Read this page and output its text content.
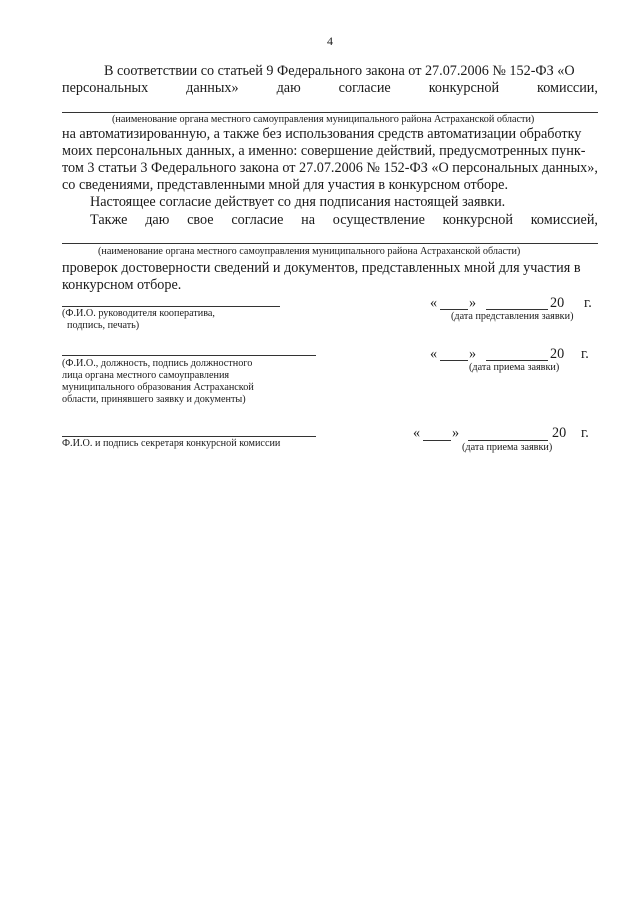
4
В соответствии со статьей 9 Федерального закона от 27.07.2006 № 152-ФЗ «О
персональных	данных»	даю	согласие	конкурсной	комиссии,
(наименование органа местного самоуправления муниципального района Астраханской области)
на автоматизированную, а также без использования средств автоматизации обработку
моих персональных данных, а именно: совершение действий, предусмотренных пунк-
том 3 статьи 3 Федерального закона от 27.07.2006 № 152-ФЗ «О персональных данных»,
со сведениями, представленными мной для участия в конкурсном отборе.
Настоящее согласие действует со дня подписания настоящей заявки.
Также даю свое согласие на осуществление конкурсной комиссией,
(наименование органа местного самоуправления муниципального района Астраханской области)
проверок достоверности сведений и документов, представленных мной для участия в
конкурсном отборе.
(Ф.И.О. руководителя кооператива,
подпись, печать)
« »	20 г.
(дата представления заявки)
(Ф.И.О., должность, подпись должностного
лица органа местного самоуправления
муниципального образования Астраханской
области, принявшего заявку и документы)
« »	20 г.
(дата приема заявки)
Ф.И.О. и подпись секретаря конкурсной комиссии
« »	20 г.
(дата приема заявки)
